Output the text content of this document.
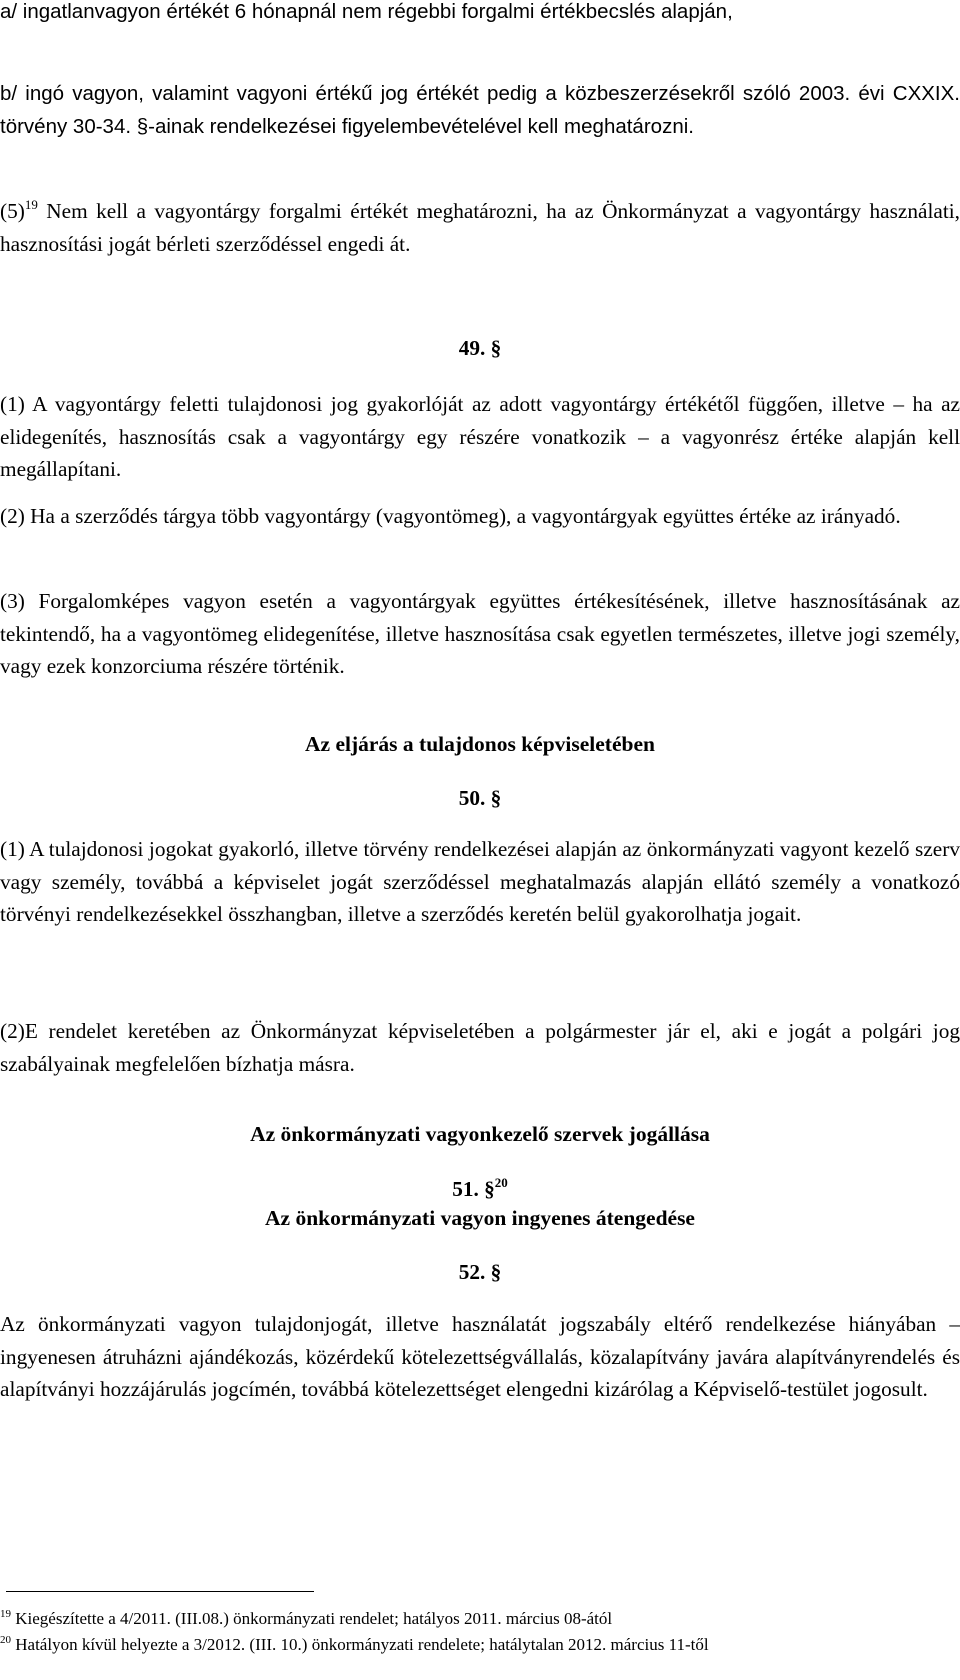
a/ ingatlanvagyon értékét 6 hónapnál nem régebbi forgalmi értékbecslés alapján,

b/ ingó vagyon, valamint vagyoni értékű jog értékét pedig a közbeszerzésekről szóló 2003. évi CXXIX. törvény 30-34. §-ainak rendelkezései figyelembevételével kell meghatározni.

$(5)^{19}$ Nem kell a vagyontárgy forgalmi értékét meghatározni, ha az Önkormányzat a vagyontárgy használati, hasznosítási jogát bérleti szerződéssel engedi át.

49. §

(1) A vagyontárgy feletti tulajdonosi jog gyakorlóját az adott vagyontárgy értékétől függően, illetve – ha az elidegenítés, hasznosítás csak a vagyontárgy egy részére vonatkozik – a vagyonrész értéke alapján kell megállapítani.

(2) Ha a szerződés tárgya több vagyontárgy (vagyontömeg), a vagyontárgyak együttes értéke az irányadó.

(3) Forgalomképes vagyon esetén a vagyontárgyak együttes értékesítésének, illetve hasznosításának az tekintendő, ha a vagyontömeg elidegenítése, illetve hasznosítása csak egyetlen természetes, illetve jogi személy, vagy ezek konzorciuma részére történik.

Az eljárás a tulajdonos képviseletében

50. §

(1) A tulajdonosi jogokat gyakorló, illetve törvény rendelkezései alapján az önkormányzati vagyont kezelő szerv vagy személy, továbbá a képviselet jogát szerződéssel meghatalmazás alapján ellátó személy a vonatkozó törvényi rendelkezésekkel összhangban, illetve a szerződés keretén belül gyakorolhatja jogait.

(2)E rendelet keretében az Önkormányzat képviseletében a polgármester jár el, aki e jogát a polgári jog szabályainak megfelelően bízhatja másra.

Az önkormányzati vagyonkezelő szervek jogállása

51. §$^{20}$

Az önkormányzati vagyon ingyenes átengedése

52. §

Az önkormányzati vagyon tulajdonjogát, illetve használatát jogszabály eltérő rendelkezése hiányában – ingyenesen átruházni ajándékozás, közérdekű kötelezettségvállalás, közalapítvány javára alapítványrendelés és alapítványi hozzájárulás jogcímén, továbbá kötelezettséget elengedni kizárólag a Képviselő-testület jogosult.

$^{19}$ Kiegészítette a 4/2011. (III.08.) önkormányzati rendelet; hatályos 2011. március 08-ától

$^{20}$ Hatályon kívül helyezte a 3/2012. (III. 10.) önkormányzati rendelete; hatálytalan 2012. március 11-től
